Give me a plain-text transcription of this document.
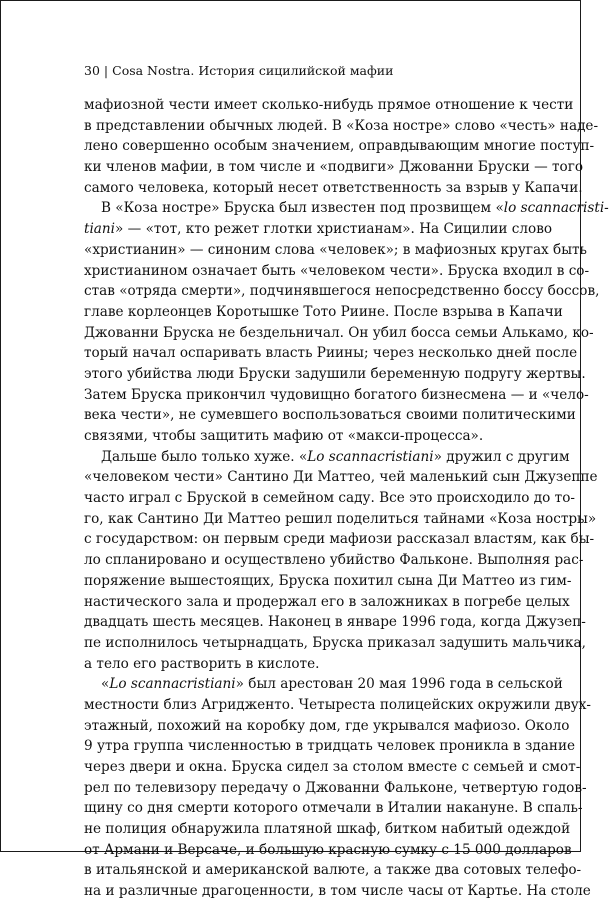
30 | Cosa Nostra. История сицилийской мафии
мафиозной чести имеет сколько-нибудь прямое отношение к чести
в представлении обычных людей. В «Коза ностре» слово «честь» наде-
лено совершенно особым значением, оправдывающим многие поступ-
ки членов мафии, в том числе и «подвиги» Джованни Бруски — того
самого человека, который несет ответственность за взрыв у Капачи.
В «Коза ностре» Бруска был известен под прозвищем «lo scannacristi-
tiani» — «тот, кто режет глотки христианам». На Сицилии слово
«христианин» — синоним слова «человек»; в мафиозных кругах быть
христианином означает быть «человеком чести». Бруска входил в со-
став «отряда смерти», подчинявшегося непосредственно боссу боссов,
главе корлеонцев Коротышке Тото Риине. После взрыва в Капачи
Джованни Бруска не бездельничал. Он убил босса семьи Алькамо, ко-
торый начал оспаривать власть Риины; через несколько дней после
этого убийства люди Бруски задушили беременную подругу жертвы.
Затем Бруска прикончил чудовищно богатого бизнесмена — и «чело-
века чести», не сумевшего воспользоваться своими политическими
связями, чтобы защитить мафию от «макси-процесса».
Дальше было только хуже. «Lo scannacristiani» дружил с другим
«человеком чести» Сантино Ди Маттео, чей маленький сын Джузеппе
часто играл с Бруской в семейном саду. Все это происходило до то-
го, как Сантино Ди Маттео решил поделиться тайнами «Коза ностры»
с государством: он первым среди мафиози рассказал властям, как бы-
ло спланировано и осуществлено убийство Фальконе. Выполняя рас-
поряжение вышестоящих, Бруска похитил сына Ди Маттео из гим-
настического зала и продержал его в заложниках в погребе целых
двадцать шесть месяцев. Наконец в январе 1996 года, когда Джузеп-
пе исполнилось четырнадцать, Бруска приказал задушить мальчика,
а тело его растворить в кислоте.
«Lo scannacristiani» был арестован 20 мая 1996 года в сельской
местности близ Агридженто. Четыреста полицейских окружили двух-
этажный, похожий на коробку дом, где укрывался мафиозо. Около
9 утра группа численностью в тридцать человек проникла в здание
через двери и окна. Бруска сидел за столом вместе с семьей и смот-
рел по телевизору передачу о Джованни Фальконе, четвертую годов-
щину со дня смерти которого отмечали в Италии накануне. В спаль-
не полиция обнаружила платяной шкаф, битком набитый одеждой
от Армани и Версаче, и большую красную сумку с 15 000 долларов
в итальянской и американской валюте, а также два сотовых телефо-
на и различные драгоценности, в том числе часы от Картье. На столе
